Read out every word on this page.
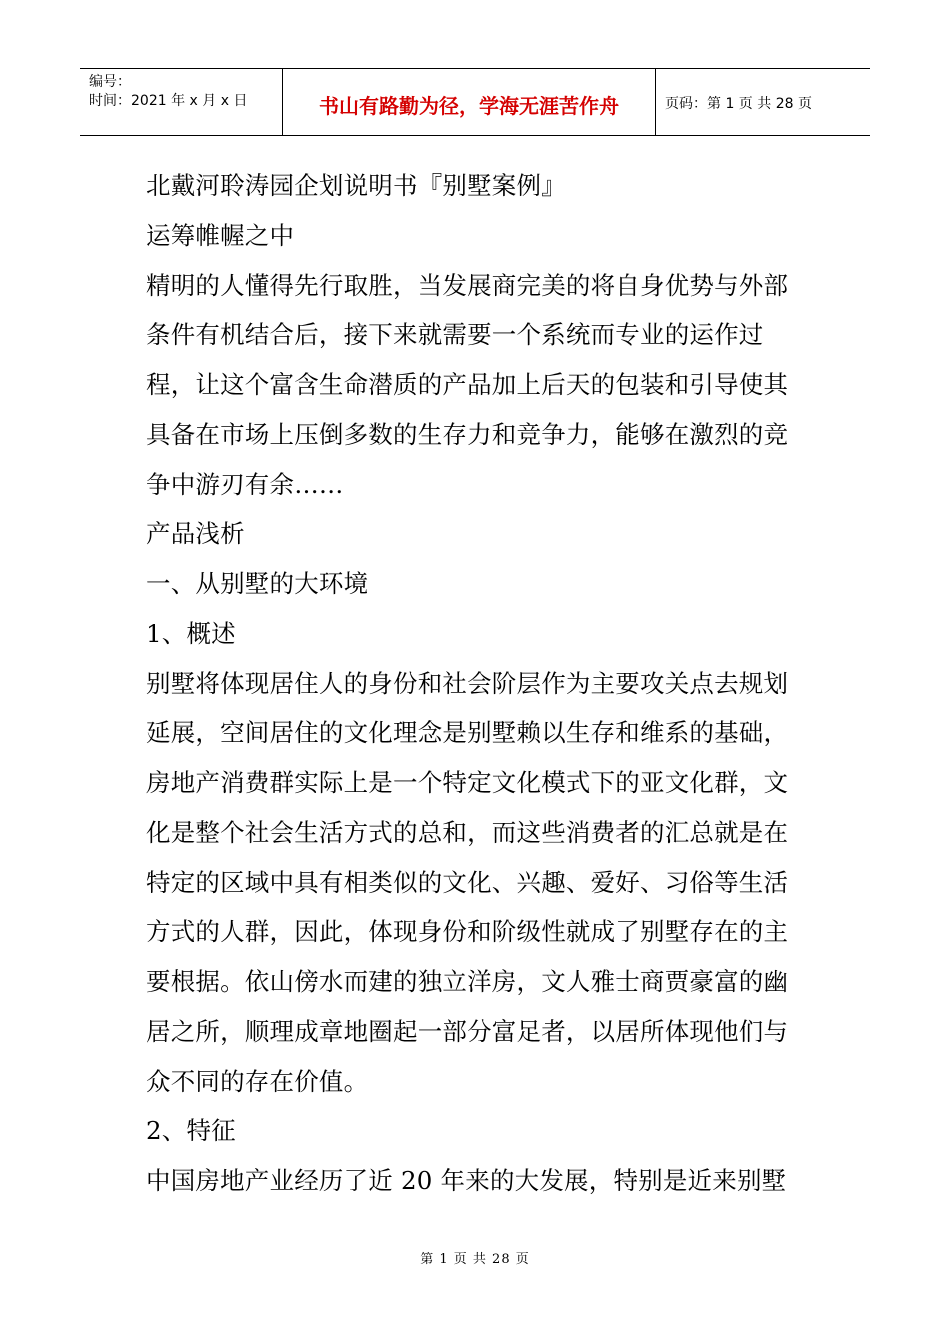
编号：
时间：2021 年 x 月 x 日	书山有路勤为径，学海无涯苦作舟	页码：第 1 页 共 28 页

北戴河聆涛园企划说明书『别墅案例』

运筹帷幄之中

精明的人懂得先行取胜，当发展商完美的将自身优势与外部条件有机结合后，接下来就需要一个系统而专业的运作过程，让这个富含生命潜质的产品加上后天的包装和引导使其具备在市场上压倒多数的生存力和竞争力，能够在激烈的竞争中游刃有余……

产品浅析

一、从别墅的大环境

1、概述

别墅将体现居住人的身份和社会阶层作为主要攻关点去规划延展，空间居住的文化理念是别墅赖以生存和维系的基础，房地产消费群实际上是一个特定文化模式下的亚文化群，文化是整个社会生活方式的总和，而这些消费者的汇总就是在特定的区域中具有相类似的文化、兴趣、爱好、习俗等生活方式的人群，因此，体现身份和阶级性就成了别墅存在的主要根据。依山傍水而建的独立洋房，文人雅士商贾豪富的幽居之所，顺理成章地圈起一部分富足者，以居所体现他们与众不同的存在价值。

2、特征

中国房地产业经历了近 20 年来的大发展，特别是近来别墅

第 1 页 共 28 页
